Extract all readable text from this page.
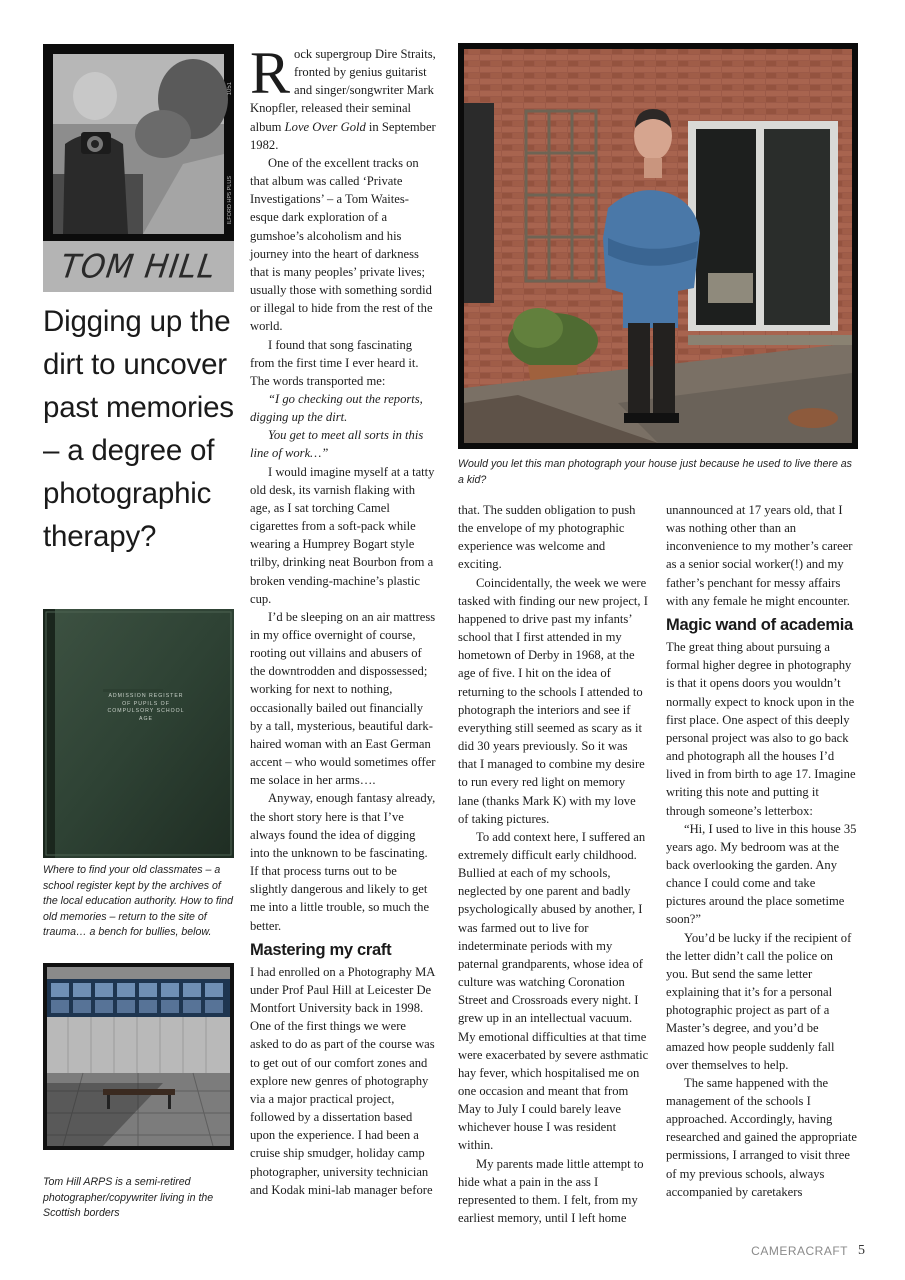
1051
ILFORD HP5 PLUS
TOM HILL
Digging up the dirt to uncover past memories – a degree of photographic therapy?
ADMISSION REGISTER
OF PUPILS OF
COMPULSORY SCHOOL
AGE
Where to find your old classmates – a school register kept by the archives of the local education authority. How to find old memories – return to the site of trauma… a bench for bullies, below.
Tom Hill ARPS is a semi-retired photographer/copywriter living in the Scottish borders

Rock supergroup Dire Straits, fronted by genius guitarist and singer/songwriter Mark Knopfler, released their seminal album Love Over Gold in September 1982.

One of the excellent tracks on that album was called ‘Private Investigations’ – a Tom Waites-esque dark exploration of a gumshoe’s alcoholism and his journey into the heart of darkness that is many peoples’ private lives; usually those with something sordid or illegal to hide from the rest of the world.

I found that song fascinating from the first time I ever heard it. The words transported me:

“I go checking out the reports, digging up the dirt.

You get to meet all sorts in this line of work…”

I would imagine myself at a tatty old desk, its varnish flaking with age, as I sat torching Camel cigarettes from a soft-pack while wearing a Humprey Bogart style trilby, drinking neat Bourbon from a broken vending-machine’s plastic cup.

I’d be sleeping on an air mattress in my office overnight of course, rooting out villains and abusers of the downtrodden and dispossessed; working for next to nothing, occasionally bailed out financially by a tall, mysterious, beautiful dark-haired woman with an East German accent – who would sometimes offer me solace in her arms….

Anyway, enough fantasy already, the short story here is that I’ve always found the idea of digging into the unknown to be fascinating. If that process turns out to be slightly dangerous and likely to get me into a little trouble, so much the better.

Mastering my craft

I had enrolled on a Photography MA under Prof Paul Hill at Leicester De Montfort University back in 1998. One of the first things we were asked to do as part of the course was to get out of our comfort zones and explore new genres of photography via a major practical project, followed by a dissertation based upon the experience. I had been a cruise ship smudger, holiday camp photographer, university technician and Kodak mini-lab manager before

Would you let this man photograph your house just because he used to live there as a kid?

that. The sudden obligation to push the envelope of my photographic experience was welcome and exciting.

Coincidentally, the week we were tasked with finding our new project, I happened to drive past my infants’ school that I first attended in my hometown of Derby in 1968, at the age of five. I hit on the idea of returning to the schools I attended to photograph the interiors and see if everything still seemed as scary as it did 30 years previously. So it was that I managed to combine my desire to run every red light on memory lane (thanks Mark K) with my love of taking pictures.

To add context here, I suffered an extremely difficult early childhood. Bullied at each of my schools, neglected by one parent and badly psychologically abused by another, I was farmed out to live for indeterminate periods with my paternal grandparents, whose idea of culture was watching Coronation Street and Crossroads every night. I grew up in an intellectual vacuum. My emotional difficulties at that time were exacerbated by severe asthmatic hay fever, which hospitalised me on one occasion and meant that from May to July I could barely leave whichever house I was resident within.

My parents made little attempt to hide what a pain in the ass I represented to them. I felt, from my earliest memory, until I left home

unannounced at 17 years old, that I was nothing other than an inconvenience to my mother’s career as a senior social worker(!) and my father’s penchant for messy affairs with any female he might encounter.

Magic wand of academia

The great thing about pursuing a formal higher degree in photography is that it opens doors you wouldn’t normally expect to knock upon in the first place. One aspect of this deeply personal project was also to go back and photograph all the houses I’d lived in from birth to age 17. Imagine writing this note and putting it through someone’s letterbox:

“Hi, I used to live in this house 35 years ago. My bedroom was at the back overlooking the garden. Any chance I could come and take pictures around the place sometime soon?”

You’d be lucky if the recipient of the letter didn’t call the police on you. But send the same letter explaining that it’s for a personal photographic project as part of a Master’s degree, and you’d be amazed how people suddenly fall over themselves to help.

The same happened with the management of the schools I approached. Accordingly, having researched and gained the appropriate permissions, I arranged to visit three of my previous schools, always accompanied by caretakers

CAMERACRAFT 5
